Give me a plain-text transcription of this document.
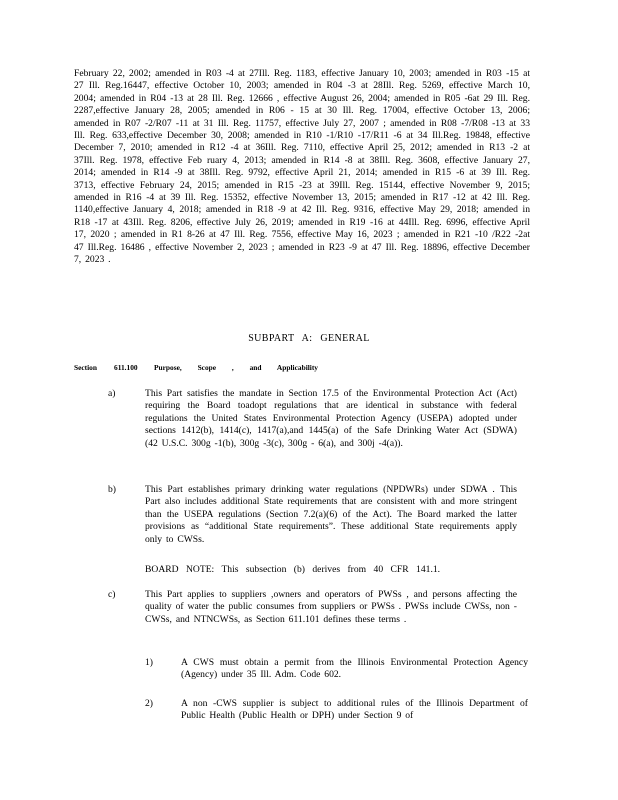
February 22, 2002; amended in R03 -4 at 27Ill. Reg. 1183, effective January 10, 2003; amended in R03 -15 at 27 Ill. Reg.16447, effective October 10, 2003; amended in R04 -3 at 28Ill. Reg. 5269, effective March 10, 2004; amended in R04 -13 at 28 Ill. Reg. 12666 , effective August 26, 2004; amended in R05 -6at 29 Ill. Reg. 2287,effective January 28, 2005; amended in R06 - 15 at 30 Ill. Reg. 17004, effective October 13, 2006; amended in R07 -2/R07 -11 at 31 Ill. Reg. 11757, effective July 27, 2007 ; amended in R08 -7/R08 -13 at 33 Ill. Reg. 633,effective December 30, 2008; amended in R10 -1/R10 -17/R11 -6 at 34 Ill.Reg. 19848, effective December 7, 2010; amended in R12 -4 at 36Ill. Reg. 7110, effective April 25, 2012; amended in R13 -2 at 37Ill. Reg. 1978, effective Feb ruary 4, 2013; amended in R14 -8 at 38Ill. Reg. 3608, effective January 27, 2014; amended in R14 -9 at 38Ill. Reg. 9792, effective April 21, 2014; amended in R15 -6 at 39 Ill. Reg. 3713, effective February 24, 2015; amended in R15 -23 at 39Ill. Reg. 15144, effective November 9, 2015; amended in R16 -4 at 39 Ill. Reg. 15352, effective November 13, 2015; amended in R17 -12 at 42 Ill. Reg. 1140,effective January 4, 2018; amended in R18 -9 at 42 Ill. Reg. 9316, effective May 29, 2018; amended in R18 -17 at 43Ill. Reg. 8206, effective July 26, 2019; amended in R19 -16 at 44Ill. Reg. 6996, effective April 17, 2020 ; amended in R1 8-26 at 47 Ill. Reg. 7556, effective May 16, 2023 ; amended in R21 -10 /R22 -2at 47 Ill.Reg. 16486 , effective November 2, 2023 ; amended in R23 -9 at 47 Ill. Reg. 18896, effective December 7, 2023 .
SUBPART A: GENERAL
Section 611.100 Purpose, Scope , and Applicability
a)	This Part satisfies the mandate in Section 17.5 of the Environmental Protection Act (Act) requiring the Board toadopt regulations that are identical in substance with federal regulations the United States Environmental Protection Agency (USEPA) adopted under sections 1412(b), 1414(c), 1417(a),and 1445(a) of the Safe Drinking Water Act (SDWA) (42 U.S.C. 300g -1(b), 300g -3(c), 300g - 6(a), and 300j -4(a)).
b)	This Part establishes primary drinking water regulations (NPDWRs) under SDWA . This Part also includes additional State requirements that are consistent with and more stringent than the USEPA regulations (Section 7.2(a)(6) of the Act). The Board marked the latter provisions as “additional State requirements”. These additional State requirements apply only to CWSs.
BOARD NOTE: This subsection (b) derives from 40 CFR 141.1.
c)	This Part applies to suppliers ,owners and operators of PWSs , and persons affecting the quality of water the public consumes from suppliers or PWSs . PWSs include CWSs, non -CWSs, and NTNCWSs, as Section 611.101 defines these terms .
1)	A CWS must obtain a permit from the Illinois Environmental Protection Agency (Agency) under 35 Ill. Adm. Code 602.
2)	A non -CWS supplier is subject to additional rules of the Illinois Department of Public Health (Public Health or DPH) under Section 9 of
